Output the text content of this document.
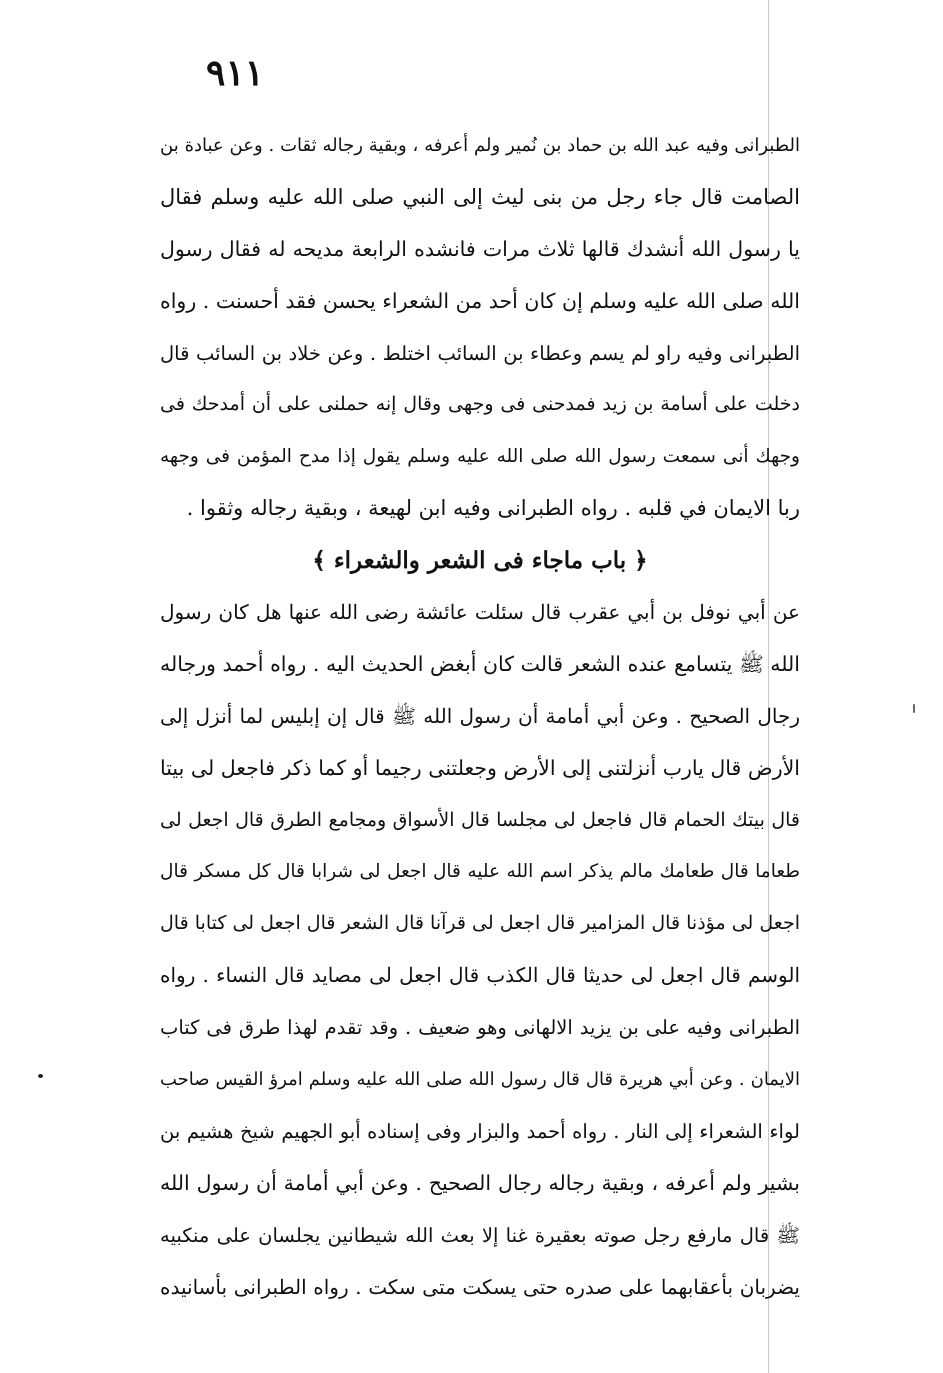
١١٩
الطبرانى وفيه عبد الله بن حماد بن نُمير ولم أعرفه ، وبقية رجاله ثقات . وعن عبادة بن
الصامت قال جاء رجل من بنى ليث إلى النبي صلى الله عليه وسلم فقال
يا رسول الله أنشدك قالها ثلاث مرات فانشده الرابعة مديحه له فقال رسول
الله صلى الله عليه وسلم إن كان أحد من الشعراء يحسن فقد أحسنت . رواه
الطبرانى وفيه راو لم يسم وعطاء بن السائب اختلط . وعن خلاد بن السائب قال
دخلت على أسامة بن زيد فمدحنى فى وجهى وقال إنه حملنى على أن أمدحك فى
وجهك أنى سمعت رسول الله صلى الله عليه وسلم يقول إذا مدح المؤمن فى وجهه
ربا الايمان في قلبه . رواه الطبرانى وفيه ابن لهيعة ، وبقية رجاله وثقوا .
﴿ باب ماجاء فى الشعر والشعراء ﴾
عن أبي نوفل بن أبي عقرب قال سئلت عائشة رضى الله عنها هل كان رسول
الله ﷺ يتسامع عنده الشعر قالت كان أبغض الحديث اليه . رواه أحمد ورجاله
رجال الصحيح . وعن أبي أمامة أن رسول الله ﷺ قال إن إبليس لما أنزل إلى
الأرض قال يارب أنزلتنى إلى الأرض وجعلتنى رجيما أو كما ذكر فاجعل لى بيتا
قال بيتك الحمام قال فاجعل لى مجلسا قال الأسواق ومجامع الطرق قال اجعل لى
طعاما قال طعامك مالم يذكر اسم الله عليه قال اجعل لى شرابا قال كل مسكر قال
اجعل لى مؤذنا قال المزامير قال اجعل لى قرآنا قال الشعر قال اجعل لى كتابا قال
الوسم قال اجعل لى حديثا قال الكذب قال اجعل لى مصايد قال النساء . رواه
الطبرانى وفيه على بن يزيد الالهانى وهو ضعيف . وقد تقدم لهذا طرق فى كتاب
الايمان . وعن أبي هريرة قال قال رسول الله صلى الله عليه وسلم امرؤ القيس صاحب
لواء الشعراء إلى النار . رواه أحمد والبزار وفى إسناده أبو الجهيم شيخ هشيم بن
بشير ولم أعرفه ، وبقية رجاله رجال الصحيح . وعن أبي أمامة أن رسول الله
ﷺ قال مارفع رجل صوته بعقيرة غنا إلا بعث الله شيطانين يجلسان على منكبيه
يضربان بأعقابهما على صدره حتى يسكت متى سكت . رواه الطبرانى بأسانيده
